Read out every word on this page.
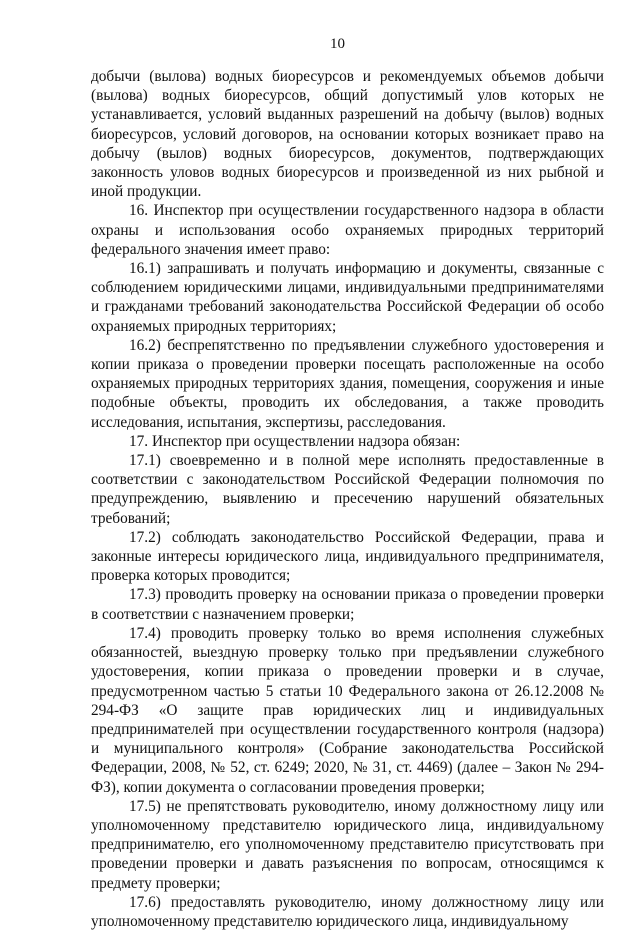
10

добычи (вылова) водных биоресурсов и рекомендуемых объемов добычи (вылова) водных биоресурсов, общий допустимый улов которых не устанавливается, условий выданных разрешений на добычу (вылов) водных биоресурсов, условий договоров, на основании которых возникает право на добычу (вылов) водных биоресурсов, документов, подтверждающих законность уловов водных биоресурсов и произведенной из них рыбной и иной продукции.

16. Инспектор при осуществлении государственного надзора в области охраны и использования особо охраняемых природных территорий федерального значения имеет право:

16.1) запрашивать и получать информацию и документы, связанные с соблюдением юридическими лицами, индивидуальными предпринимателями и гражданами требований законодательства Российской Федерации об особо охраняемых природных территориях;

16.2) беспрепятственно по предъявлении служебного удостоверения и копии приказа о проведении проверки посещать расположенные на особо охраняемых природных территориях здания, помещения, сооружения и иные подобные объекты, проводить их обследования, а также проводить исследования, испытания, экспертизы, расследования.

17. Инспектор при осуществлении надзора обязан:

17.1) своевременно и в полной мере исполнять предоставленные в соответствии с законодательством Российской Федерации полномочия по предупреждению, выявлению и пресечению нарушений обязательных требований;

17.2) соблюдать законодательство Российской Федерации, права и законные интересы юридического лица, индивидуального предпринимателя, проверка которых проводится;

17.3) проводить проверку на основании приказа о проведении проверки в соответствии с назначением проверки;

17.4) проводить проверку только во время исполнения служебных обязанностей, выездную проверку только при предъявлении служебного удостоверения, копии приказа о проведении проверки и в случае, предусмотренном частью 5 статьи 10 Федерального закона от 26.12.2008 № 294-ФЗ «О защите прав юридических лиц и индивидуальных предпринимателей при осуществлении государственного контроля (надзора) и муниципального контроля» (Собрание законодательства Российской Федерации, 2008, № 52, ст. 6249; 2020, № 31, ст. 4469) (далее – Закон № 294-ФЗ), копии документа о согласовании проведения проверки;

17.5) не препятствовать руководителю, иному должностному лицу или уполномоченному представителю юридического лица, индивидуальному предпринимателю, его уполномоченному представителю присутствовать при проведении проверки и давать разъяснения по вопросам, относящимся к предмету проверки;

17.6) предоставлять руководителю, иному должностному лицу или уполномоченному представителю юридического лица, индивидуальному
